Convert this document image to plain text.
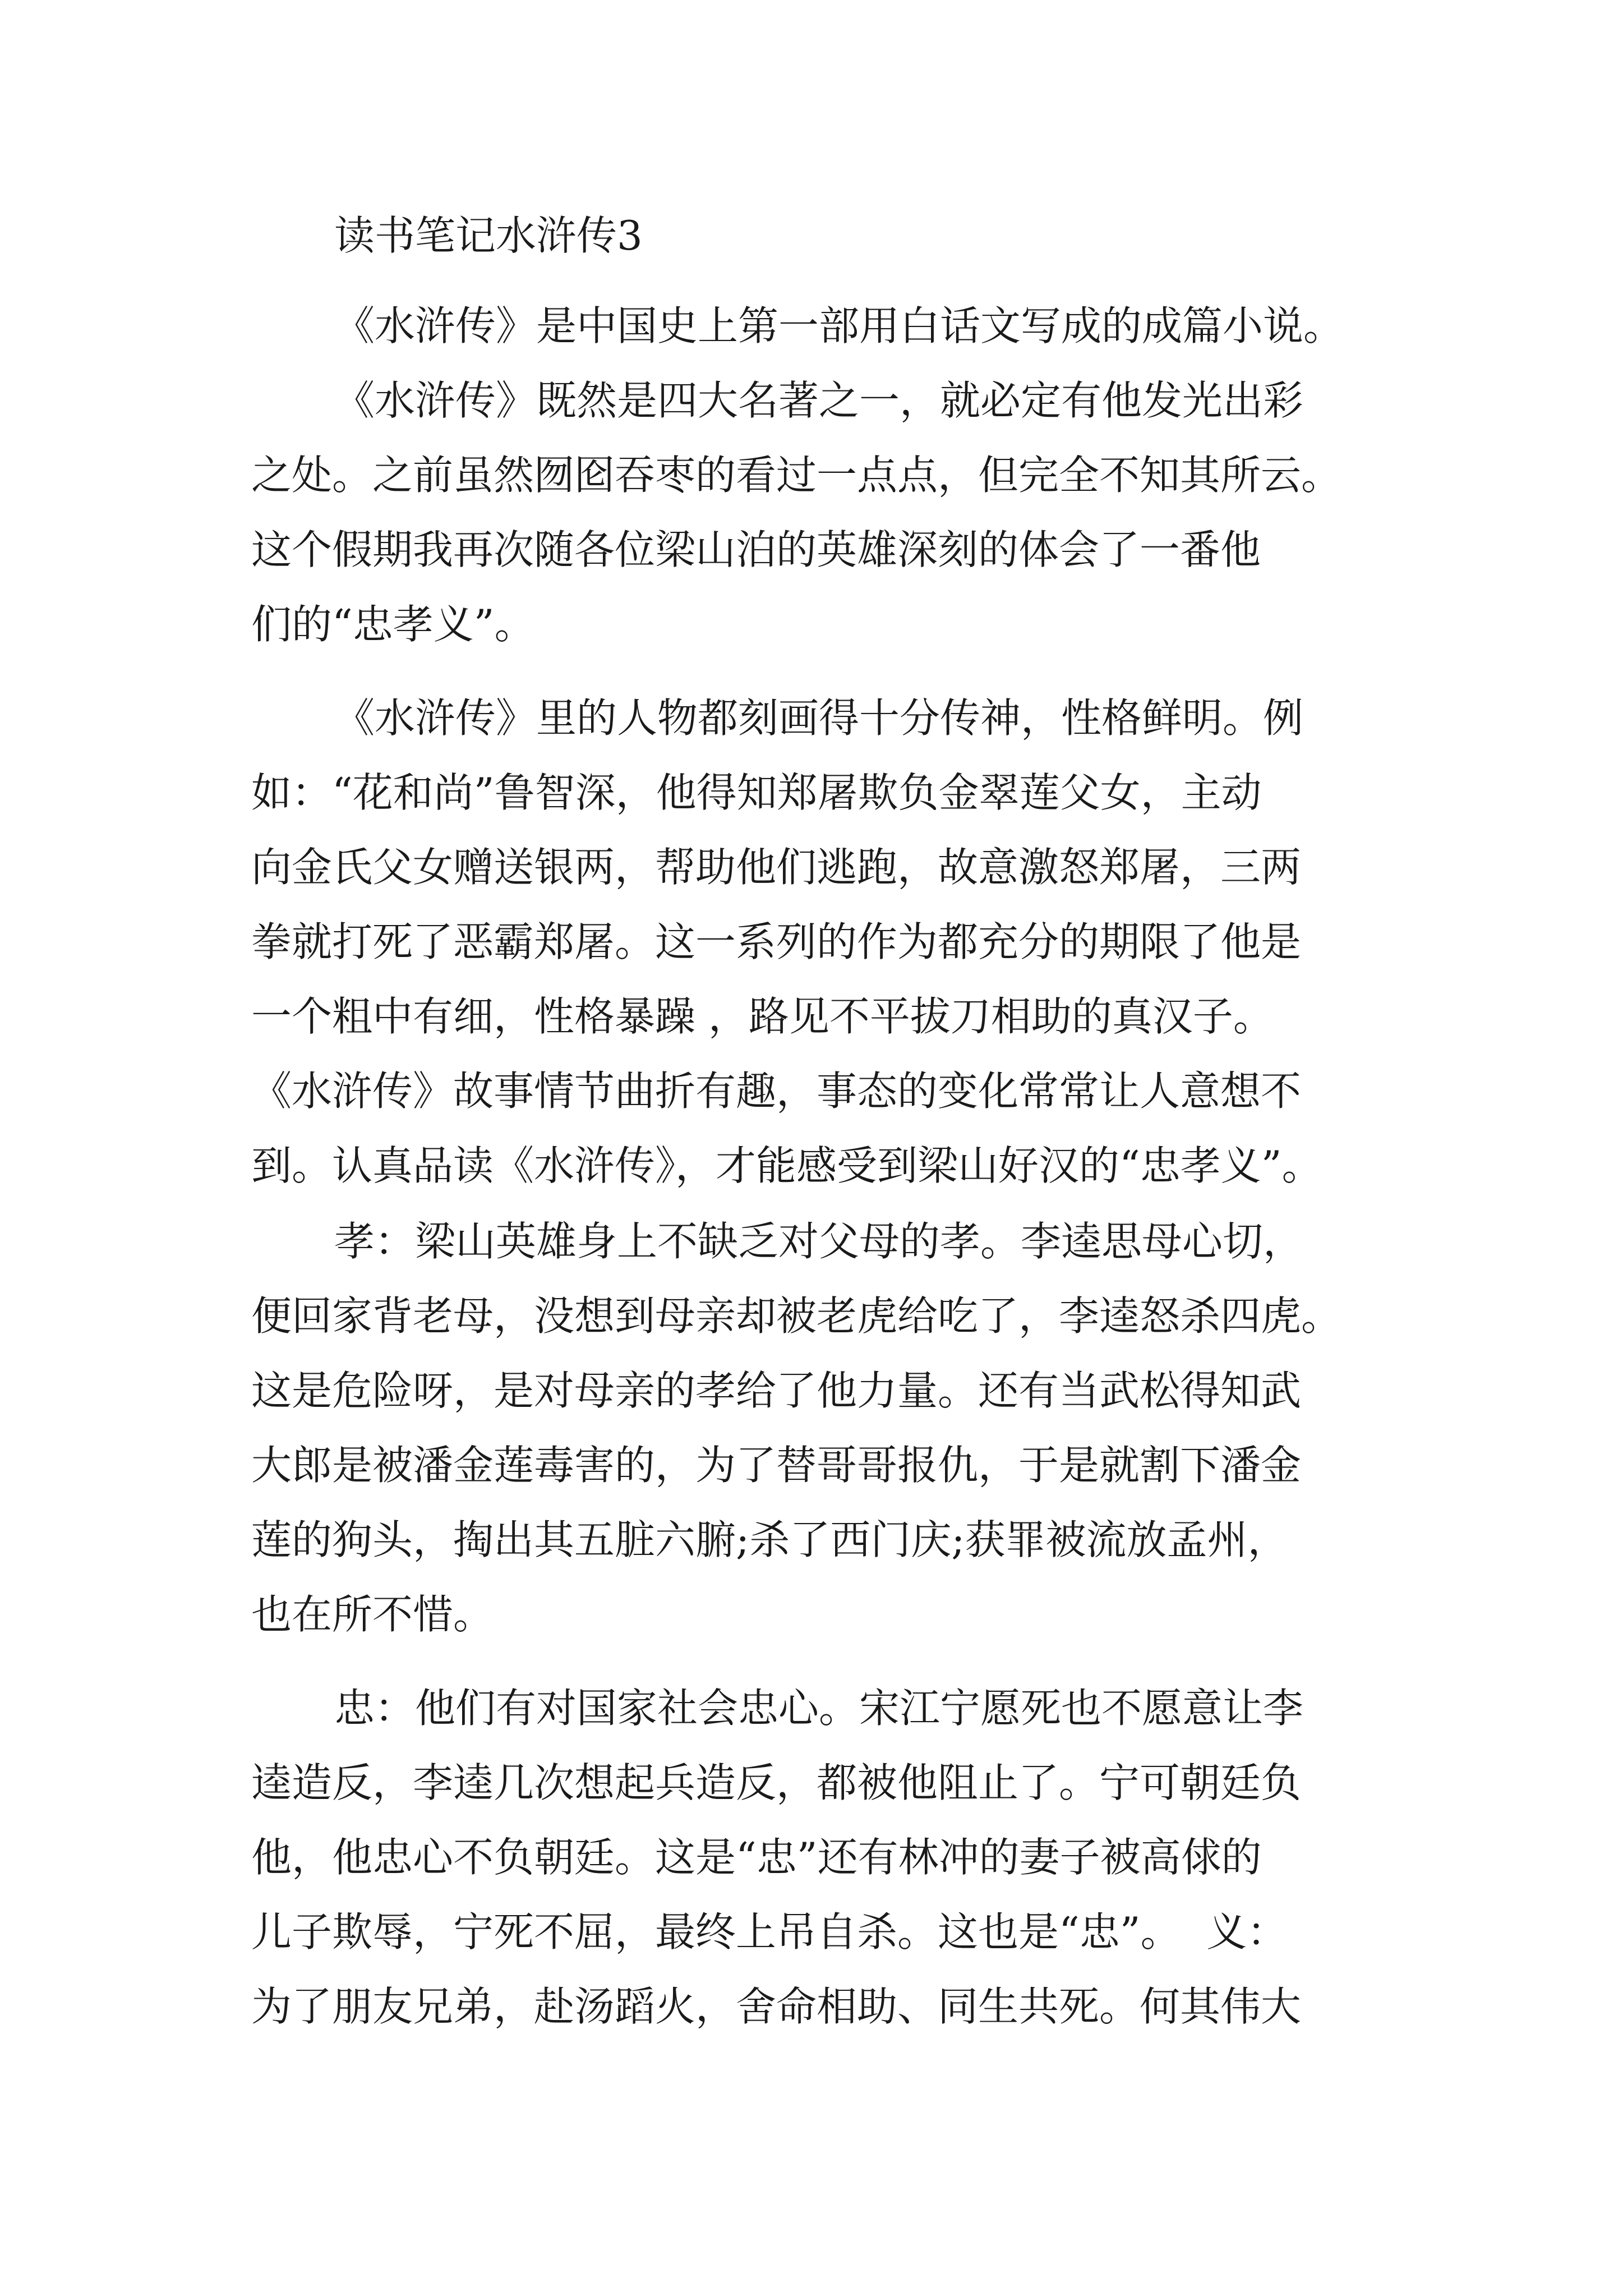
读书笔记水浒传3
《水浒传》是中国史上第一部用白话文写成的成篇小说。
《水浒传》既然是四大名著之一，就必定有他发光出彩
之处。之前虽然囫囵吞枣的看过一点点，但完全不知其所云。
这个假期我再次随各位梁山泊的英雄深刻的体会了一番他
们的“忠孝义”。
《水浒传》里的人物都刻画得十分传神，性格鲜明。例
如：“花和尚”鲁智深，他得知郑屠欺负金翠莲父女，主动
向金氏父女赠送银两，帮助他们逃跑，故意激怒郑屠，三两
拳就打死了恶霸郑屠。这一系列的作为都充分的期限了他是
一个粗中有细，性格暴躁 ，路见不平拔刀相助的真汉子。
《水浒传》故事情节曲折有趣，事态的变化常常让人意想不
到。认真品读《水浒传》，才能感受到梁山好汉的“忠孝义”。
孝：梁山英雄身上不缺乏对父母的孝。李逵思母心切，
便回家背老母，没想到母亲却被老虎给吃了，李逵怒杀四虎。
这是危险呀，是对母亲的孝给了他力量。还有当武松得知武
大郎是被潘金莲毒害的，为了替哥哥报仇，于是就割下潘金
莲的狗头，掏出其五脏六腑;杀了西门庆;获罪被流放孟州，
也在所不惜。
忠：他们有对国家社会忠心。宋江宁愿死也不愿意让李
逵造反，李逵几次想起兵造反，都被他阻止了。宁可朝廷负
他，他忠心不负朝廷。这是“忠”还有林冲的妻子被高俅的
儿子欺辱，宁死不屈，最终上吊自杀。这也是“忠”。  义：
为了朋友兄弟，赴汤蹈火，舍命相助、同生共死。何其伟大
